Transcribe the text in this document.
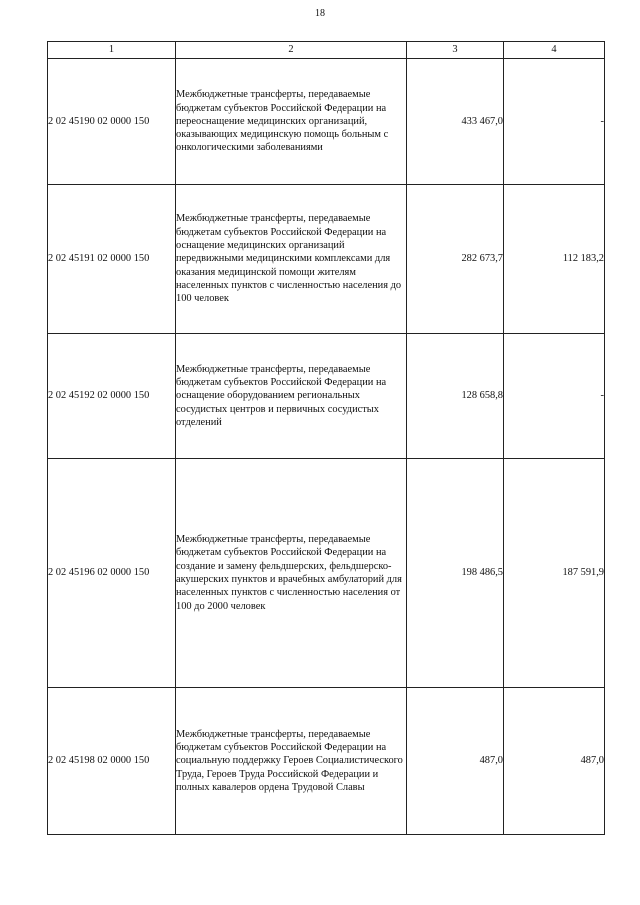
18
1	2	3	4
2 02 45190 02 0000 150	Межбюджетные трансферты, передаваемые бюджетам субъектов Российской Федерации на переоснащение медицинских организаций, оказывающих медицинскую помощь больным с онкологическими заболеваниями	433 467,0	-
2 02 45191 02 0000 150	Межбюджетные трансферты, передаваемые бюджетам субъектов Российской Федерации на оснащение медицинских организаций передвижными медицинскими комплексами для оказания медицинской помощи жителям населенных пунктов с численностью населения до 100 человек	282 673,7	112 183,2
2 02 45192 02 0000 150	Межбюджетные трансферты, передаваемые бюджетам субъектов Российской Федерации на оснащение оборудованием региональных сосудистых центров и первичных сосудистых отделений	128 658,8	-
2 02 45196 02 0000 150	Межбюджетные трансферты, передаваемые бюджетам субъектов Российской Федерации на создание и замену фельдшерских, фельдшерско-акушерских пунктов и врачебных амбулаторий для населенных пунктов с численностью населения от 100 до 2000 человек	198 486,5	187 591,9
2 02 45198 02 0000 150	Межбюджетные трансферты, передаваемые бюджетам субъектов Российской Федерации на социальную поддержку Героев Социалистического Труда, Героев Труда Российской Федерации и полных кавалеров ордена Трудовой Славы	487,0	487,0
